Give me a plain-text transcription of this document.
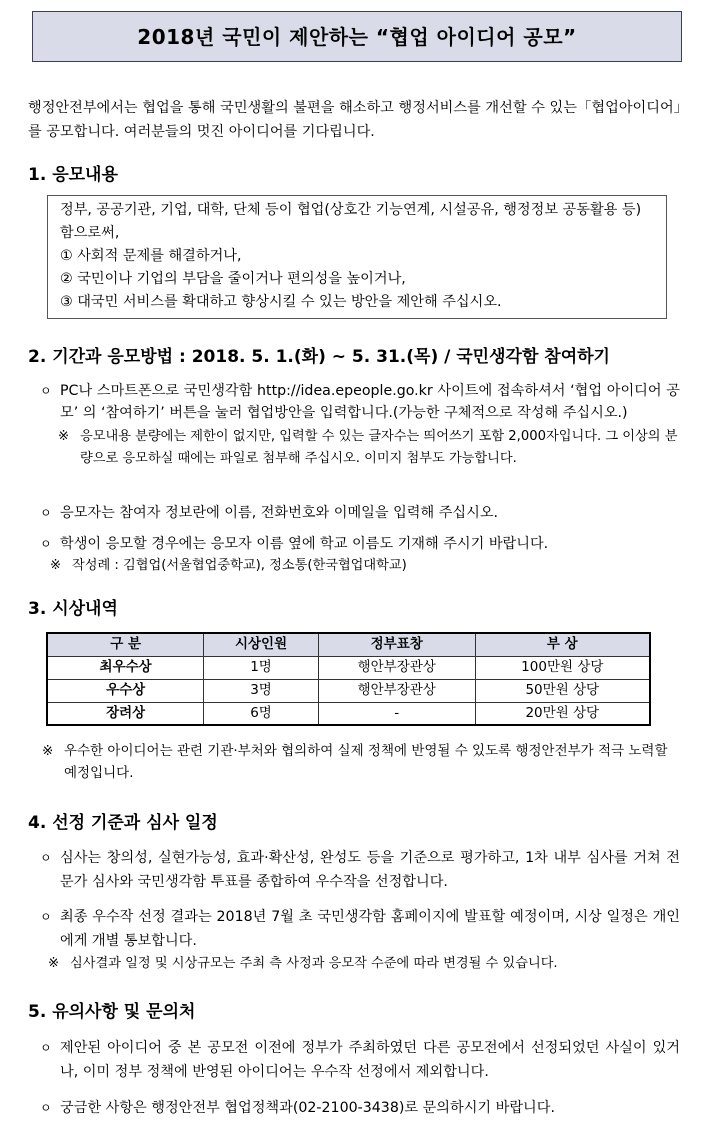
2018년 국민이 제안하는 “협업 아이디어 공모”

행정안전부에서는 협업을 통해 국민생활의 불편을 해소하고 행정서비스를 개선할 수 있는「협업아이디어」를 공모합니다. 여러분들의 멋진 아이디어를 기다립니다.

1. 응모내용
정부, 공공기관, 기업, 대학, 단체 등이 협업(상호간 기능연계, 시설공유, 행정정보 공동활용 등)함으로써,
① 사회적 문제를 해결하거나,
② 국민이나 기업의 부담을 줄이거나 편의성을 높이거나,
③ 대국민 서비스를 확대하고 향상시킬 수 있는 방안을 제안해 주십시오.
2. 기간과 응모방법 : 2018. 5. 1.(화) ~ 5. 31.(목) / 국민생각함 참여하기
ㅇ PC나 스마트폰으로 국민생각함 http://idea.epeople.go.kr 사이트에 접속하셔서 ‘협업 아이디어 공모’ 의 ‘참여하기’ 버튼을 눌러 협업방안을 입력합니다.(가능한 구체적으로 작성해 주십시오.)
※ 응모내용 분량에는 제한이 없지만, 입력할 수 있는 글자수는 띄어쓰기 포함 2,000자입니다. 그 이상의 분량으로 응모하실 때에는 파일로 첨부해 주십시오. 이미지 첨부도 가능합니다.
ㅇ 응모자는 참여자 정보란에 이름, 전화번호와 이메일을 입력해 주십시오.
ㅇ 학생이 응모할 경우에는 응모자 이름 옆에 학교 이름도 기재해 주시기 바랍니다.
※ 작성례 : 김협업(서울협업중학교), 정소통(한국협업대학교)
3. 시상내역
구 분	시상인원	정부표창	부 상
최우수상	1명	행안부장관상	100만원 상당
우수상	3명	행안부장관상	50만원 상당
장려상	6명	-	20만원 상당
※ 우수한 아이디어는 관련 기관·부처와 협의하여 실제 정책에 반영될 수 있도록 행정안전부가 적극 노력할 예정입니다.
4. 선정 기준과 심사 일정
ㅇ 심사는 창의성, 실현가능성, 효과·확산성, 완성도 등을 기준으로 평가하고, 1차 내부 심사를 거쳐 전문가 심사와 국민생각함 투표를 종합하여 우수작을 선정합니다.
ㅇ 최종 우수작 선정 결과는 2018년 7월 초 국민생각함 홈페이지에 발표할 예정이며, 시상 일정은 개인에게 개별 통보합니다.
※ 심사결과 일정 및 시상규모는 주최 측 사정과 응모작 수준에 따라 변경될 수 있습니다.
5. 유의사항 및 문의처
ㅇ 제안된 아이디어 중 본 공모전 이전에 정부가 주최하였던 다른 공모전에서 선정되었던 사실이 있거나, 이미 정부 정책에 반영된 아이디어는 우수작 선정에서 제외합니다.
ㅇ 궁금한 사항은 행정안전부 협업정책과(02-2100-3438)로 문의하시기 바랍니다.
